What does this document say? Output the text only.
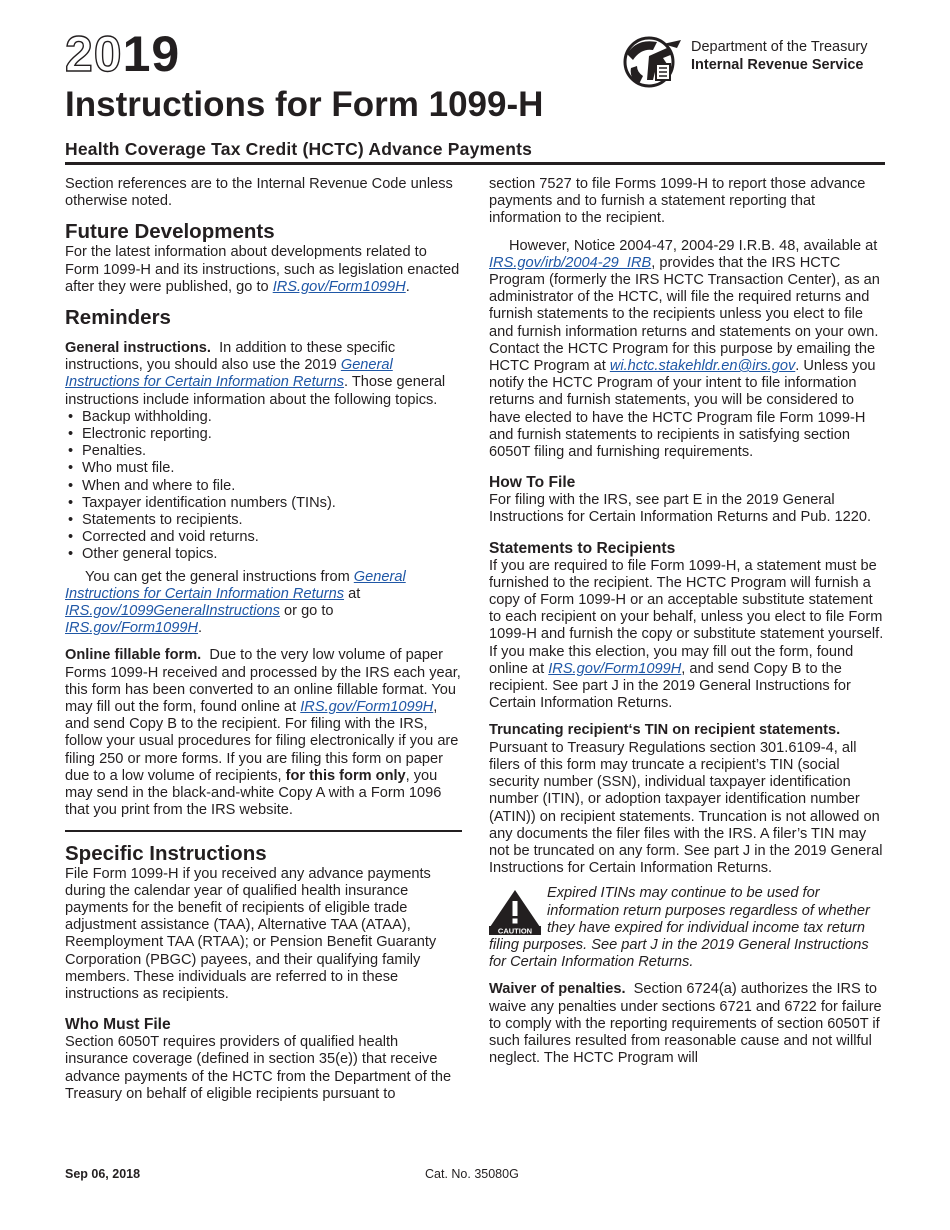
2019	Department of the Treasury
Internal Revenue Service
Instructions for Form 1099-H
Health Coverage Tax Credit (HCTC) Advance Payments

Section references are to the Internal Revenue Code unless otherwise noted.

Future Developments

For the latest information about developments related to Form 1099-H and its instructions, such as legislation enacted after they were published, go to IRS.gov/Form1099H.

Reminders

General instructions. In addition to these specific instructions, you should also use the 2019 General Instructions for Certain Information Returns. Those general instructions include information about the following topics.

• Backup withholding.
• Electronic reporting.
• Penalties.
• Who must file.
• When and where to file.
• Taxpayer identification numbers (TINs).
• Statements to recipients.
• Corrected and void returns.
• Other general topics.

You can get the general instructions from General Instructions for Certain Information Returns at IRS.gov/1099GeneralInstructions or go to IRS.gov/Form1099H.

Online fillable form. Due to the very low volume of paper Forms 1099-H received and processed by the IRS each year, this form has been converted to an online fillable format. You may fill out the form, found online at IRS.gov/Form1099H, and send Copy B to the recipient. For filing with the IRS, follow your usual procedures for filing electronically if you are filing 250 or more forms. If you are filing this form on paper due to a low volume of recipients, for this form only, you may send in the black-and-white Copy A with a Form 1096 that you print from the IRS website.

Specific Instructions

File Form 1099-H if you received any advance payments during the calendar year of qualified health insurance payments for the benefit of recipients of eligible trade adjustment assistance (TAA), Alternative TAA (ATAA), Reemployment TAA (RTAA); or Pension Benefit Guaranty Corporation (PBGC) payees, and their qualifying family members. These individuals are referred to in these instructions as recipients.

Who Must File

Section 6050T requires providers of qualified health insurance coverage (defined in section 35(e)) that receive advance payments of the HCTC from the Department of the Treasury on behalf of eligible recipients pursuant to

section 7527 to file Forms 1099-H to report those advance payments and to furnish a statement reporting that information to the recipient.

However, Notice 2004-47, 2004-29 I.R.B. 48, available at IRS.gov/irb/2004-29_IRB, provides that the IRS HCTC Program (formerly the IRS HCTC Transaction Center), as an administrator of the HCTC, will file the required returns and furnish statements to the recipients unless you elect to file and furnish information returns and statements on your own. Contact the HCTC Program for this purpose by emailing the HCTC Program at wi.hctc.stakehldr.en@irs.gov. Unless you notify the HCTC Program of your intent to file information returns and furnish statements, you will be considered to have elected to have the HCTC Program file Form 1099-H and furnish statements to recipients in satisfying section 6050T filing and furnishing requirements.

How To File

For filing with the IRS, see part E in the 2019 General Instructions for Certain Information Returns and Pub. 1220.

Statements to Recipients

If you are required to file Form 1099-H, a statement must be furnished to the recipient. The HCTC Program will furnish a copy of Form 1099-H or an acceptable substitute statement to each recipient on your behalf, unless you elect to file Form 1099-H and furnish the copy or substitute statement yourself. If you make this election, you may fill out the form, found online at IRS.gov/Form1099H, and send Copy B to the recipient. See part J in the 2019 General Instructions for Certain Information Returns.

Truncating recipient‘s TIN on recipient statements. Pursuant to Treasury Regulations section 301.6109-4, all filers of this form may truncate a recipient’s TIN (social security number (SSN), individual taxpayer identification number (ITIN), or adoption taxpayer identification number (ATIN)) on recipient statements. Truncation is not allowed on any documents the filer files with the IRS. A filer’s TIN may not be truncated on any form. See part J in the 2019 General Instructions for Certain Information Returns.

CAUTION

Expired ITINs may continue to be used for information return purposes regardless of whether they have expired for individual income tax return filing purposes. See part J in the 2019 General Instructions for Certain Information Returns.

Waiver of penalties. Section 6724(a) authorizes the IRS to waive any penalties under sections 6721 and 6722 for failure to comply with the reporting requirements of section 6050T if such failures resulted from reasonable cause and not willful neglect. The HCTC Program will

Sep 06, 2018	Cat. No. 35080G
